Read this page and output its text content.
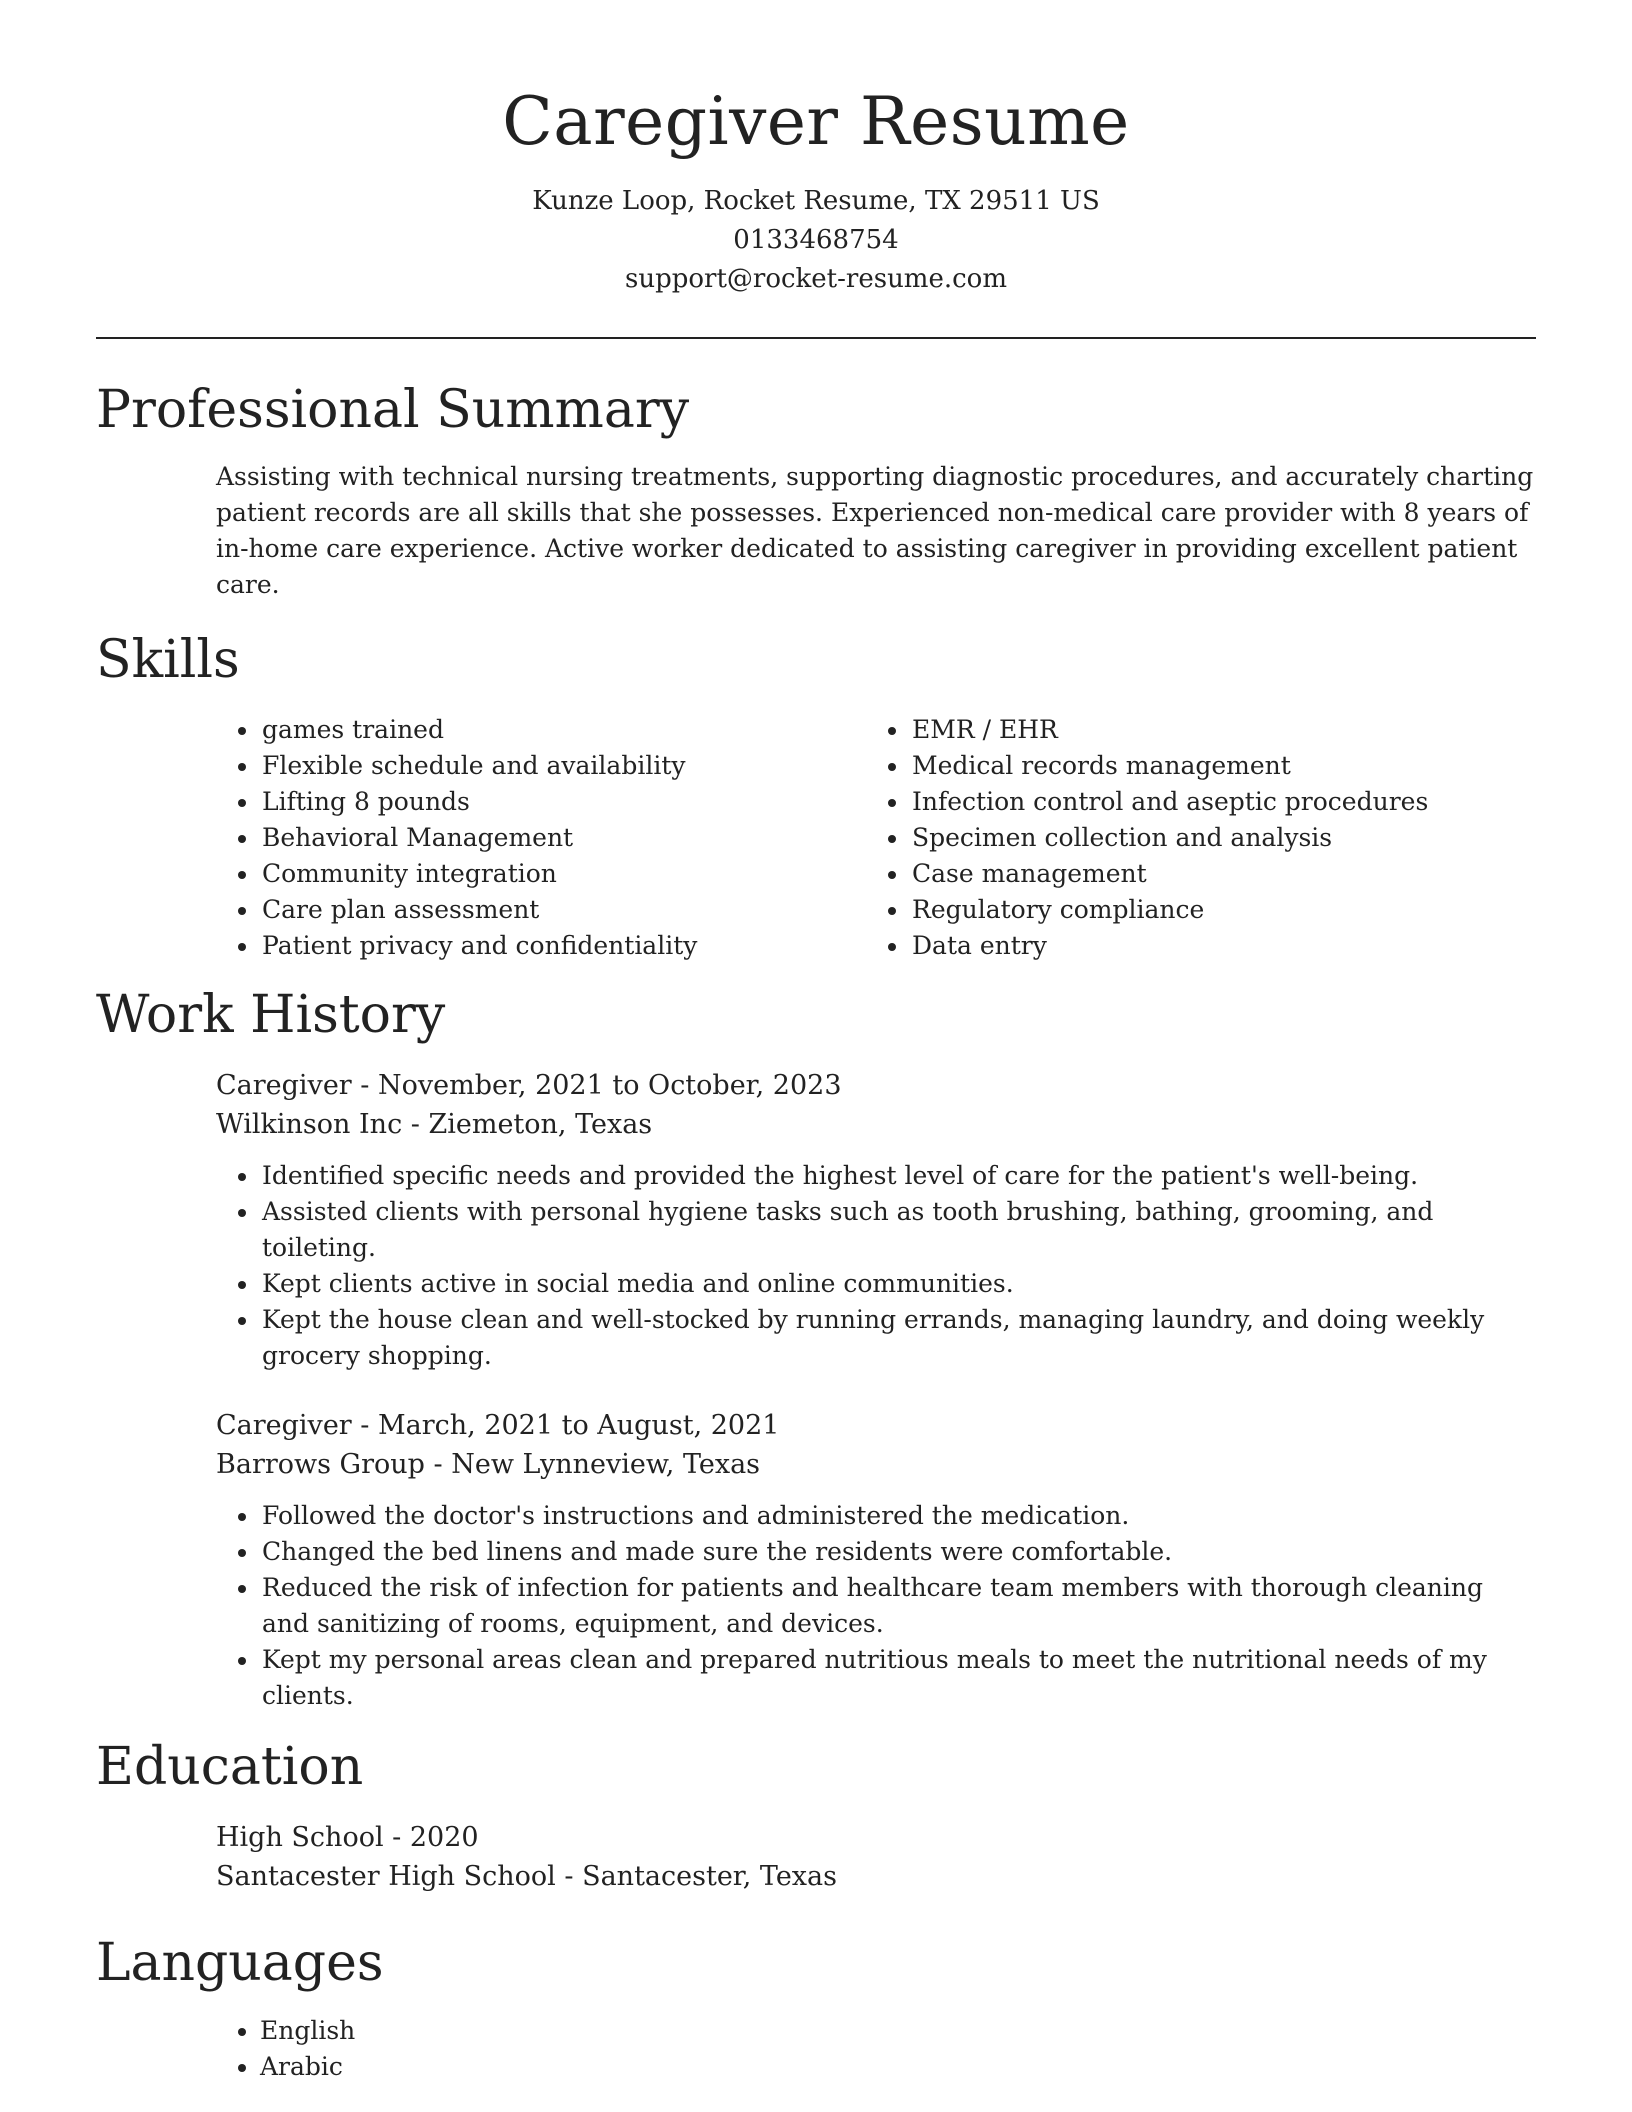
Caregiver Resume

Kunze Loop, Rocket Resume, TX 29511 US

0133468754

support@rocket-resume.com

Professional Summary

Assisting with technical nursing treatments, supporting diagnostic procedures, and accurately charting patient records are all skills that she possesses. Experienced non-medical care provider with 8 years of in-home care experience. Active worker dedicated to assisting caregiver in providing excellent patient care.

Skills
• games trained
• Flexible schedule and availability
• Lifting 8 pounds
• Behavioral Management
• Community integration
• Care plan assessment
• Patient privacy and confidentiality
• EMR / EHR
• Medical records management
• Infection control and aseptic procedures
• Specimen collection and analysis
• Case management
• Regulatory compliance
• Data entry
Work History

Caregiver - November, 2021 to October, 2023

Wilkinson Inc - Ziemeton, Texas

• Identified specific needs and provided the highest level of care for the patient's well-being.
• Assisted clients with personal hygiene tasks such as tooth brushing, bathing, grooming, and toileting.
• Kept clients active in social media and online communities.
• Kept the house clean and well-stocked by running errands, managing laundry, and doing weekly grocery shopping.

Caregiver - March, 2021 to August, 2021

Barrows Group - New Lynneview, Texas

• Followed the doctor's instructions and administered the medication.
• Changed the bed linens and made sure the residents were comfortable.
• Reduced the risk of infection for patients and healthcare team members with thorough cleaning and sanitizing of rooms, equipment, and devices.
• Kept my personal areas clean and prepared nutritious meals to meet the nutritional needs of my clients.
Education

High School - 2020

Santacester High School - Santacester, Texas

Languages
• English
• Arabic
